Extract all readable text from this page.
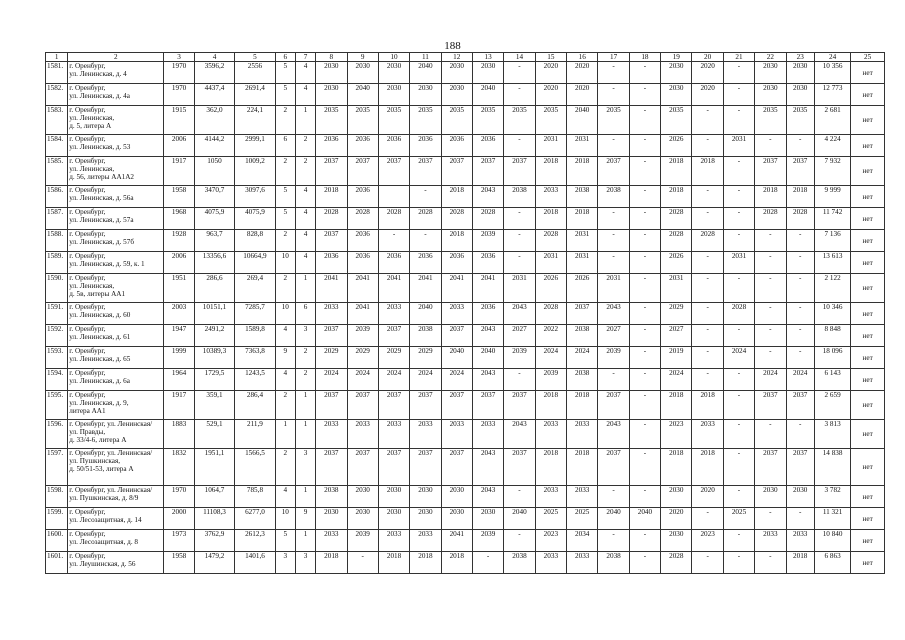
188
1	2	3	4	5	6	7	8	9	10	11	12	13	14	15	16	17	18	19	20	21	22	23	24	25
1581.	г. Оренбург,
ул. Ленинская, д. 4	1970	3596,2	2556	5	4	2030	2030	2030	2040	2030	2030	-	2020	2020	-	-	2030	2020	-	2030	2030	10 356	нет
1582.	г. Оренбург,
ул. Ленинская, д. 4а	1970	4437,4	2691,4	5	4	2030	2040	2030	2030	2030	2040	-	2020	2020	-	-	2030	2020	-	2030	2030	12 773	нет
1583.	г. Оренбург,
ул. Ленинская,
д. 5, литера А	1915	362,0	224,1	2	1	2035	2035	2035	2035	2035	2035	2035	2035	2040	2035	-	2035	-	-	2035	2035	2 681	нет
1584.	г. Оренбург,
ул. Ленинская, д. 53	2006	4144,2	2999,1	6	2	2036	2036	2036	2036	2036	2036	-	2031	2031	-	-	2026	-	2031	-	-	4 224	нет
1585.	г. Оренбург,
ул. Ленинская,
д. 56, литеры АА1А2	1917	1050	1009,2	2	2	2037	2037	2037	2037	2037	2037	2037	2018	2018	2037	-	2018	2018	-	2037	2037	7 932	нет
1586.	г. Оренбург,
ул. Ленинская, д. 56а	1958	3470,7	3097,6	5	4	2018	2036		-	2018	2043	2038	2033	2038	2038	-	2018	-	-	2018	2018	9 999	нет
1587.	г. Оренбург,
ул. Ленинская, д. 57а	1968	4075,9	4075,9	5	4	2028	2028	2028	2028	2028	2028	-	2018	2018	-	-	2028	-	-	2028	2028	11 742	нет
1588.	г. Оренбург,
ул. Ленинская, д. 57б	1928	963,7	828,8	2	4	2037	2036	-	-	2018	2039	-	2028	2031	-	-	2028	2028	-	-	-	7 136	нет
1589.	г. Оренбург,
ул. Ленинская, д. 59, к. 1	2006	13356,6	10664,9	10	4	2036	2036	2036	2036	2036	2036	-	2031	2031	-	-	2026	-	2031	-	-	13 613	нет
1590.	г. Оренбург,
ул. Ленинская,
д. 5в, литеры АА1	1951	286,6	269,4	2	1	2041	2041	2041	2041	2041	2041	2031	2026	2026	2031	-	2031	-	-	-	-	2 122	нет
1591.	г. Оренбург,
ул. Ленинская, д. 60	2003	10151,1	7285,7	10	6	2033	2041	2033	2040	2033	2036	2043	2028	2037	2043	-	2029	-	2028	-	-	10 346	нет
1592.	г. Оренбург,
ул. Ленинская, д. 61	1947	2491,2	1589,8	4	3	2037	2039	2037	2038	2037	2043	2027	2022	2038	2027	-	2027	-	-	-	-	8 848	нет
1593.	г. Оренбург,
ул. Ленинская, д. 65	1999	10389,3	7363,8	9	2	2029	2029	2029	2029	2040	2040	2039	2024	2024	2039	-	2019	-	2024	-	-	18 096	нет
1594.	г. Оренбург,
ул. Ленинская, д. 6а	1964	1729,5	1243,5	4	2	2024	2024	2024	2024	2024	2043	-	2039	2038	-	-	2024	-	-	2024	2024	6 143	нет
1595.	г. Оренбург,
ул. Ленинская, д. 9,
литера АА1	1917	359,1	286,4	2	1	2037	2037	2037	2037	2037	2037	2037	2018	2018	2037	-	2018	2018	-	2037	2037	2 659	нет
1596.	г. Оренбург, ул. Ленинская/
ул. Правды,
д. 33/4-6, литера А	1883	529,1	211,9	1	1	2033	2033	2033	2033	2033	2033	2043	2033	2033	2043	-	2023	2033	-	-	-	3 813	нет
1597.	г. Оренбург, ул. Ленинская/
ул. Пушкинская,
д. 50/51-53, литера А	1832	1951,1	1566,5	2	3	2037	2037	2037	2037	2037	2043	2037	2018	2018	2037	-	2018	2018	-	2037	2037	14 838	нет
1598.	г. Оренбург, ул. Ленинская/
ул. Пушкинская, д. 8/9	1970	1064,7	785,8	4	1	2038	2030	2030	2030	2030	2043	-	2033	2033	-	-	2030	2020	-	2030	2030	3 782	нет
1599.	г. Оренбург,
ул. Лесозащитная, д. 14	2000	11108,3	6277,0	10	9	2030	2030	2030	2030	2030	2030	2040	2025	2025	2040	2040	2020	-	2025	-	-	11 321	нет
1600.	г. Оренбург,
ул. Лесозащитная, д. 8	1973	3762,9	2612,3	5	1	2033	2039	2033	2033	2041	2039	-	2023	2034	-	-	2030	2023	-	2033	2033	10 840	нет
1601.	г. Оренбург,
ул. Леушинская, д. 56	1958	1479,2	1401,6	3	3	2018	-	2018	2018	2018	-	2038	2033	2033	2038	-	2028	-	-	-	2018	6 863	нет
